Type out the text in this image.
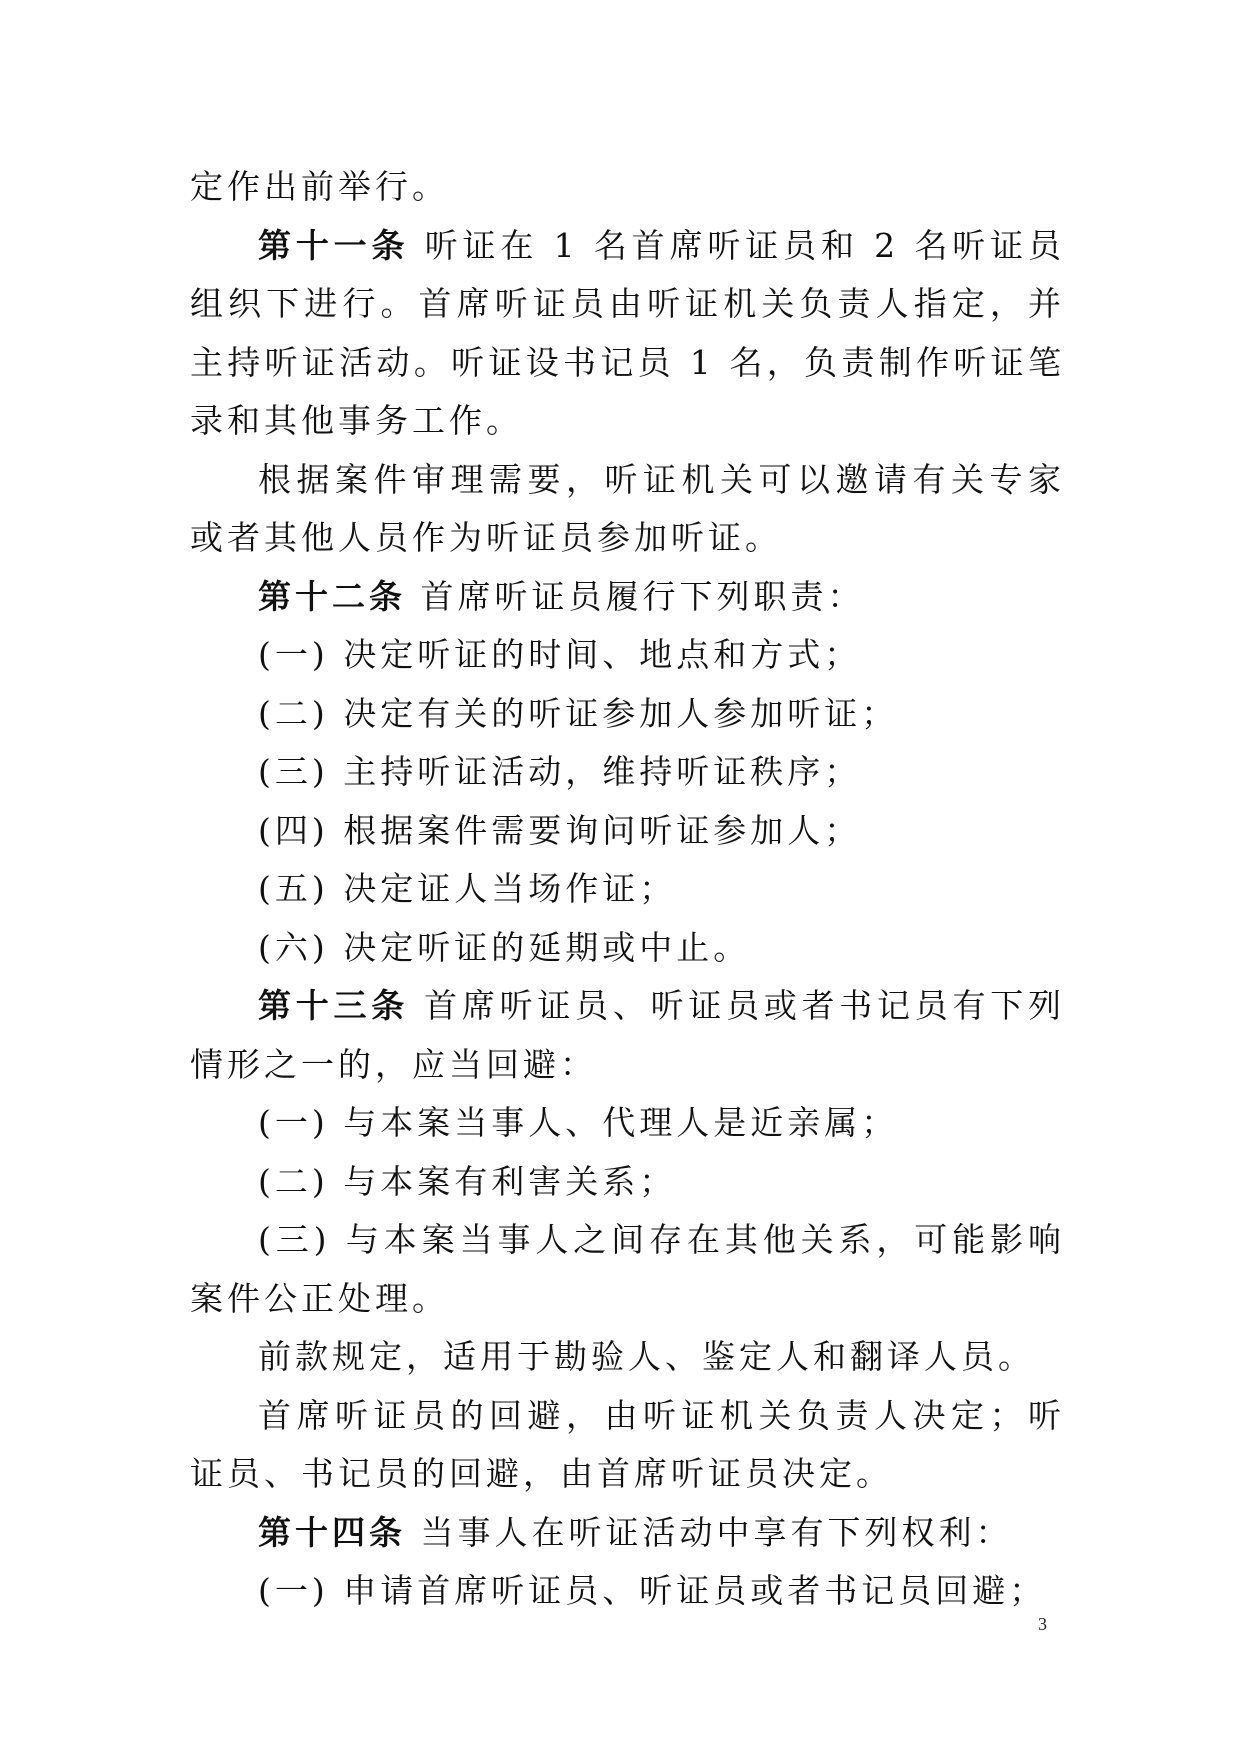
定作出前举行。

第十一条 听证在 1 名首席听证员和 2 名听证员组织下进行。首席听证员由听证机关负责人指定，并主持听证活动。听证设书记员 1 名，负责制作听证笔录和其他事务工作。

根据案件审理需要，听证机关可以邀请有关专家或者其他人员作为听证员参加听证。

第十二条 首席听证员履行下列职责：

(一) 决定听证的时间、地点和方式；

(二) 决定有关的听证参加人参加听证；

(三) 主持听证活动，维持听证秩序；

(四) 根据案件需要询问听证参加人；

(五) 决定证人当场作证；

(六) 决定听证的延期或中止。

第十三条 首席听证员、听证员或者书记员有下列情形之一的，应当回避：

(一) 与本案当事人、代理人是近亲属；

(二) 与本案有利害关系；

(三) 与本案当事人之间存在其他关系，可能影响案件公正处理。

前款规定，适用于勘验人、鉴定人和翻译人员。

首席听证员的回避，由听证机关负责人决定；听证员、书记员的回避，由首席听证员决定。

第十四条 当事人在听证活动中享有下列权利：

(一) 申请首席听证员、听证员或者书记员回避；

3
